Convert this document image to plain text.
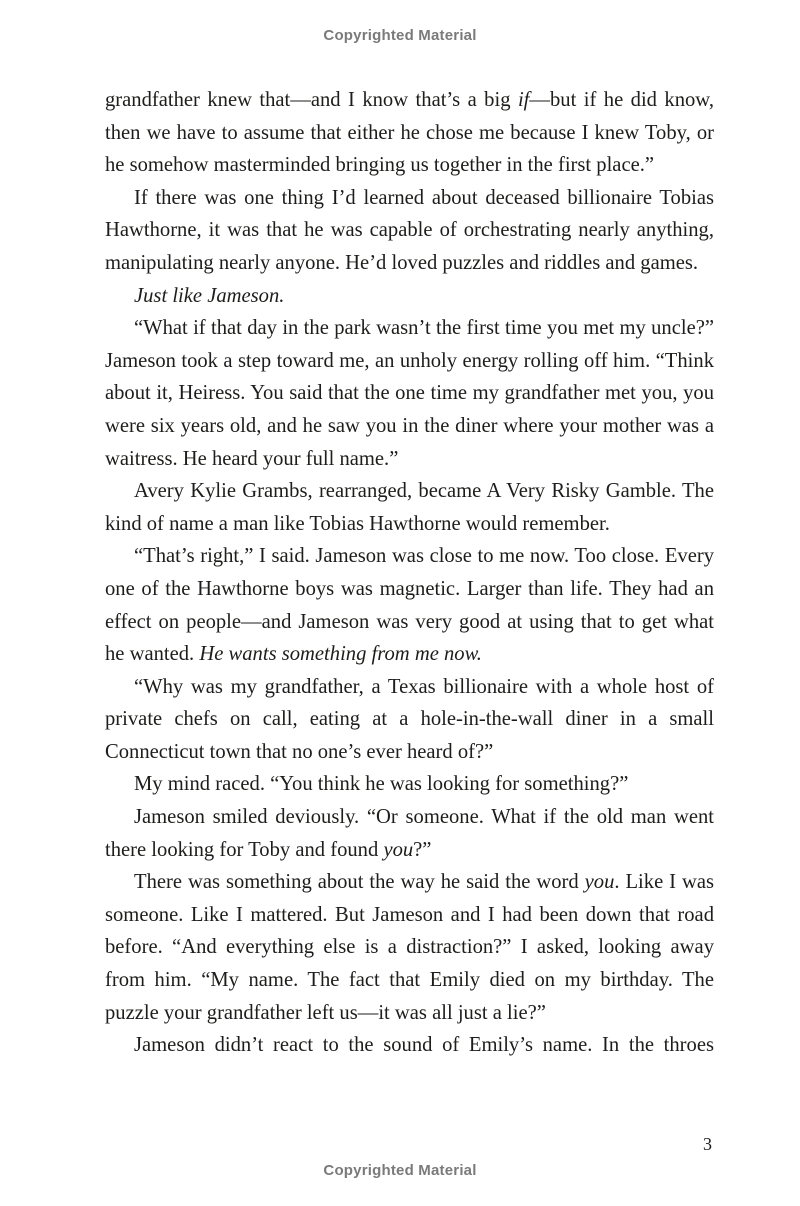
Copyrighted Material

grandfather knew that—and I know that’s a big if—but if he did know, then we have to assume that either he chose me because I knew Toby, or he somehow masterminded bringing us together in the first place.”

If there was one thing I’d learned about deceased billionaire Tobias Hawthorne, it was that he was capable of orchestrating nearly anything, manipulating nearly anyone. He’d loved puzzles and riddles and games.

Just like Jameson.

“What if that day in the park wasn’t the first time you met my uncle?” Jameson took a step toward me, an unholy energy rolling off him. “Think about it, Heiress. You said that the one time my grandfather met you, you were six years old, and he saw you in the diner where your mother was a waitress. He heard your full name.”

Avery Kylie Grambs, rearranged, became A Very Risky Gamble. The kind of name a man like Tobias Hawthorne would remember.

“That’s right,” I said. Jameson was close to me now. Too close. Every one of the Hawthorne boys was magnetic. Larger than life. They had an effect on people—and Jameson was very good at using that to get what he wanted. He wants something from me now.

“Why was my grandfather, a Texas billionaire with a whole host of private chefs on call, eating at a hole-in-the-wall diner in a small Connecticut town that no one’s ever heard of?”

My mind raced. “You think he was looking for something?”

Jameson smiled deviously. “Or someone. What if the old man went there looking for Toby and found you?”

There was something about the way he said the word you. Like I was someone. Like I mattered. But Jameson and I had been down that road before. “And everything else is a distraction?” I asked, looking away from him. “My name. The fact that Emily died on my birthday. The puzzle your grandfather left us—it was all just a lie?”

Jameson didn’t react to the sound of Emily’s name. In the throes

3
Copyrighted Material
